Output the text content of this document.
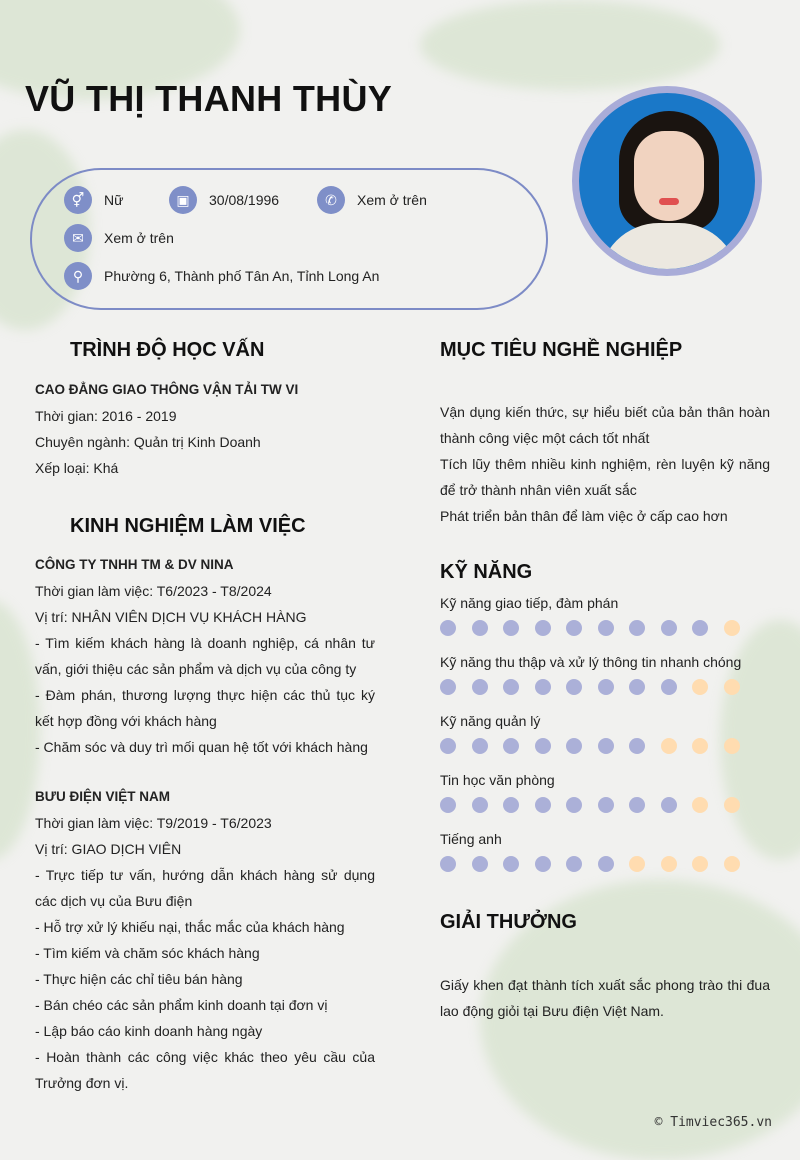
VŨ THỊ THANH THÙY
⚥	Nữ	▣	30/08/1996	✆	Xem ở trên
✉	Xem ở trên
⚲	Phường 6, Thành phố Tân An, Tỉnh Long An
TRÌNH ĐỘ HỌC VẤN
CAO ĐẲNG GIAO THÔNG VẬN TẢI TW VI
Thời gian: 2016 - 2019
Chuyên ngành: Quản trị Kinh Doanh
Xếp loại: Khá
KINH NGHIỆM LÀM VIỆC
CÔNG TY TNHH TM & DV NINA
Thời gian làm việc: T6/2023 - T8/2024
Vị trí: NHÂN VIÊN DỊCH VỤ KHÁCH HÀNG
- Tìm kiếm khách hàng là doanh nghiệp, cá nhân tư vấn, giới thiệu các sản phẩm và dịch vụ của công ty
- Đàm phán, thương lượng thực hiện các thủ tục ký kết hợp đồng với khách hàng
- Chăm sóc và duy trì mối quan hệ tốt với khách hàng
BƯU ĐIỆN VIỆT NAM
Thời gian làm việc: T9/2019 - T6/2023
Vị trí: GIAO DỊCH VIÊN
- Trực tiếp tư vấn, hướng dẫn khách hàng sử dụng các dịch vụ của Bưu điện
- Hỗ trợ xử lý khiếu nại, thắc mắc của khách hàng
- Tìm kiếm và chăm sóc khách hàng
- Thực hiện các chỉ tiêu bán hàng
- Bán chéo các sản phẩm kinh doanh tại đơn vị
- Lập báo cáo kinh doanh hàng ngày
- Hoàn thành các công việc khác theo yêu cầu của Trưởng đơn vị.
MỤC TIÊU NGHỀ NGHIỆP
Vận dụng kiến thức, sự hiểu biết của bản thân hoàn thành công việc một cách tốt nhất
Tích lũy thêm nhiều kinh nghiệm, rèn luyện kỹ năng để trở thành nhân viên xuất sắc
Phát triển bản thân để làm việc ở cấp cao hơn
KỸ NĂNG
Kỹ năng giao tiếp, đàm phán
Kỹ năng thu thập và xử lý thông tin nhanh chóng
Kỹ năng quản lý
Tin học văn phòng
Tiếng anh
GIẢI THƯỞNG
Giấy khen đạt thành tích xuất sắc phong trào thi đua lao động giỏi tại Bưu điện Việt Nam.
© Timviec365.vn
